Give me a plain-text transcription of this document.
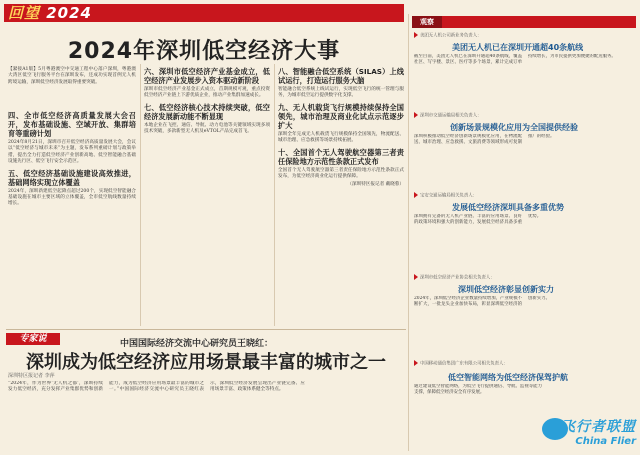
回望 2024
2024年深圳低空经济大事
【紧接A1版】5月粤港澳空中交通工程中心落户深圳，粤港澳大湾区低空飞行服务平台在深圳发布，还成功实现首例无人机跨境运输，深圳低空经济发展取得重要突破。
四、全市低空经济高质量发展大会召开，发布基础设施、空域开放、集群培育等重磅计划
2024年8月21日，深圳市召开低空经济高质量发展大会，会议以“低空经济与城市未来”为主题，发布系列重磅计划与政策举措，提出全力打造低空经济产业创新高地、低空智能融合基础设施先行区、低空飞行安全示范区。
五、低空经济基础设施建设高效推进，基础网络实现立体覆盖
2024年，深圳新建低空起降点超过200个，实现低空智能融合基础设施在城市主要区域的立体覆盖，全市低空航线数量持续增长。
六、深圳市低空经济产业基金成立，低空经济产业发展步入资本驱动新阶段
深圳市低空经济产业基金正式成立，首期规模可观，重点投资低空经济产业链上下游优质企业，推动产业集群加速成长。
七、低空经济核心技术持续突破，低空经济发展新动能不断显现
本地企业在飞控、通信、导航、动力电池等关键领域实现多项技术突破，多款新型无人机及eVTOL产品完成首飞。
八、智能融合低空系统（SILAS）上线试运行，打造运行服务大脑
智能融合低空系统上线试运行，实现低空飞行的统一管理与服务，为城市低空运行提供数字化支撑。
九、无人机载货飞行规模持续保持全国领先，城市治理及商业化试点示范逐步扩大
深圳全年完成无人机载货飞行规模保持全国领先，物流配送、城市治理、应急救援等场景持续拓展。
十、全国首个无人驾驶航空器第三者责任保险地方示范性条款正式发布
全国首个无人驾驶航空器第三者责任保险地方示范性条款正式发布，为低空经济商业化运行提供保障。
（深圳特区报记者 戴晓蓉）
专家说	中国国际经济交流中心研究员王晓红：
深圳成为低空经济应用场景最丰富的城市之一
深圳特区报记者 李萍
“2024年，作为世界‘无人机之都’，深圳持续发力低空经济，充分发挥产业集群优势和创新能力，成为低空经济应用场景最丰富的城市之一。”中国国际经济交流中心研究员王晓红表示，深圳低空经济发展呈现出产业链完备、应用场景丰富、政策体系健全等特点。
观察
美团无人机公司新业务负责人：
美团无人机已在深圳开通超40条航线
截至目前，美团无人机已在深圳开通超40条航线，覆盖社区、写字楼、景区、医疗等多个场景，累计完成订单持续增长，为市民提供更加便捷的配送服务。
深圳市交通运输局相关负责人：
创新场景规模化应用为全国提供经验
深圳积极推动低空经济创新场景规模化应用，在物流配送、城市治理、应急救援、文旅消费等领域形成可复制推广的经验。
宝安交通运输局相关负责人：
发展低空经济深圳具备多重优势
深圳拥有完备的无人机产业链、丰富的应用场景、良好的政策环境和强大的创新能力，发展低空经济具备多重优势。
深圳市低空经济产业协会相关负责人：
深圳低空经济彰显创新实力
2024年，深圳低空经济企业数量持续增加，产业规模不断扩大，一批龙头企业加快布局，彰显深圳低空经济的创新实力。
中国移动通信集团广东有限公司相关负责人：
低空智能网络为低空经济保驾护航
通过建设低空智能网络，为低空飞行提供通信、导航、监视等能力支撑，保障低空经济安全有序发展。
飞行者联盟
China Flier
